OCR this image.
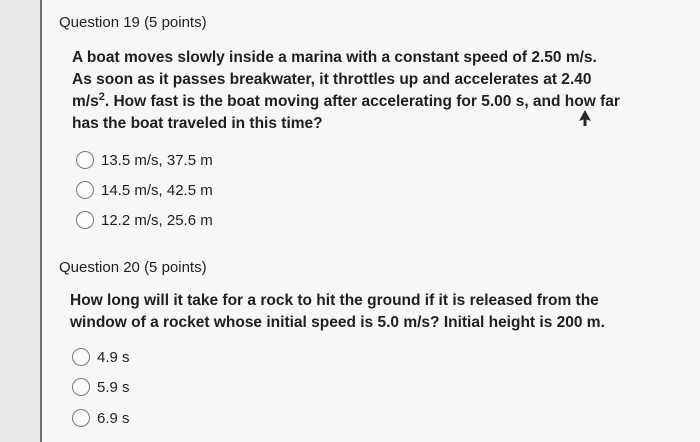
Question 19 (5 points)
A boat moves slowly inside a marina with a constant speed of 2.50 m/s. As soon as it passes breakwater, it throttles up and accelerates at 2.40 $m/s^2$. How fast is the boat moving after accelerating for 5.00 s, and how far has the boat traveled in this time?
13.5 m/s, 37.5 m
14.5 m/s, 42.5 m
12.2 m/s, 25.6 m
Question 20 (5 points)
How long will it take for a rock to hit the ground if it is released from the window of a rocket whose initial speed is 5.0 m/s? Initial height is 200 m.
4.9 s
5.9 s
6.9 s
